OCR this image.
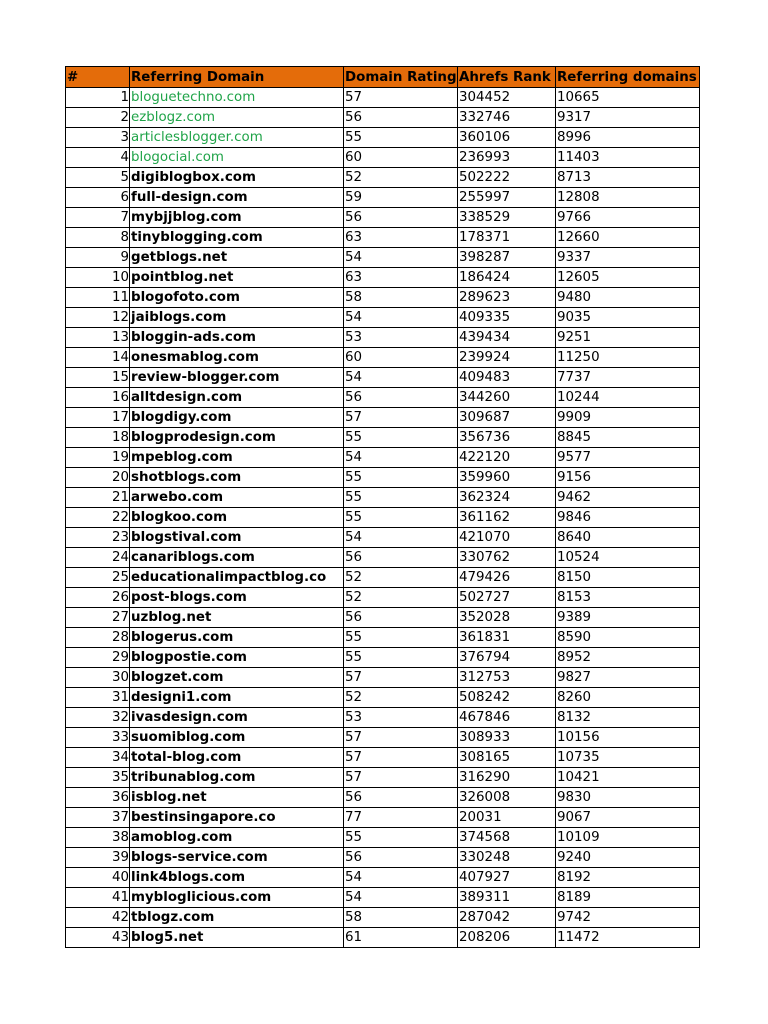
#	Referring Domain	Domain Rating	Ahrefs Rank	Referring domains
1	bloguetechno.com	57	304452	10665
2	ezblogz.com	56	332746	9317
3	articlesblogger.com	55	360106	8996
4	blogocial.com	60	236993	11403
5	digiblogbox.com	52	502222	8713
6	full-design.com	59	255997	12808
7	mybjjblog.com	56	338529	9766
8	tinyblogging.com	63	178371	12660
9	getblogs.net	54	398287	9337
10	pointblog.net	63	186424	12605
11	blogofoto.com	58	289623	9480
12	jaiblogs.com	54	409335	9035
13	bloggin-ads.com	53	439434	9251
14	onesmablog.com	60	239924	11250
15	review-blogger.com	54	409483	7737
16	alltdesign.com	56	344260	10244
17	blogdigy.com	57	309687	9909
18	blogprodesign.com	55	356736	8845
19	mpeblog.com	54	422120	9577
20	shotblogs.com	55	359960	9156
21	arwebo.com	55	362324	9462
22	blogkoo.com	55	361162	9846
23	blogstival.com	54	421070	8640
24	canariblogs.com	56	330762	10524
25	educationalimpactblog.co	52	479426	8150
26	post-blogs.com	52	502727	8153
27	uzblog.net	56	352028	9389
28	blogerus.com	55	361831	8590
29	blogpostie.com	55	376794	8952
30	blogzet.com	57	312753	9827
31	designi1.com	52	508242	8260
32	ivasdesign.com	53	467846	8132
33	suomiblog.com	57	308933	10156
34	total-blog.com	57	308165	10735
35	tribunablog.com	57	316290	10421
36	isblog.net	56	326008	9830
37	bestinsingapore.co	77	20031	9067
38	amoblog.com	55	374568	10109
39	blogs-service.com	56	330248	9240
40	link4blogs.com	54	407927	8192
41	mybloglicious.com	54	389311	8189
42	tblogz.com	58	287042	9742
43	blog5.net	61	208206	11472
